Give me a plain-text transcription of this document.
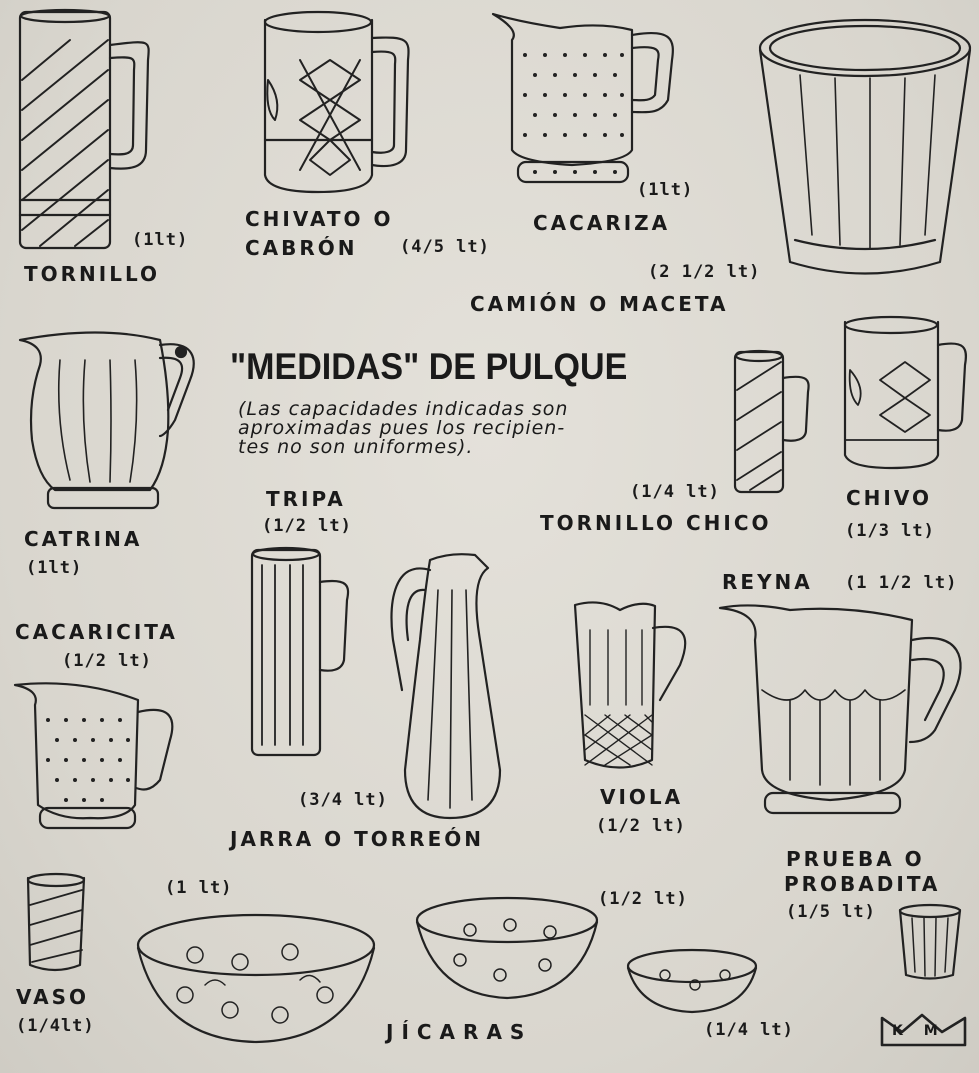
TORNILLO
(1lt)
CHIVATO O
CABRÓN (4/5 lt)
(1lt)
CACARIZA
(2 1/2 lt)
CAMIÓN O MACETA
"MEDIDAS" DE PULQUE
(Las capacidades indicadas son
aproximadas pues los recipien-
tes no son uniformes).
CATRINA
(1lt)
(1/4 lt)
TORNILLO CHICO
CHIVO
(1/3 lt)
TRIPA
(1/2 lt)
REYNA (1 1/2 lt)
CACARICITA
(1/2 lt)
(3/4 lt)
JARRA O TORREÓN
VIOLA
(1/2 lt)
PRUEBA O
PROBADITA
(1/5 lt)
(1 lt)
(1/2 lt)
(1/4 lt)
JÍCARAS
VASO
(1/4lt)	K M
